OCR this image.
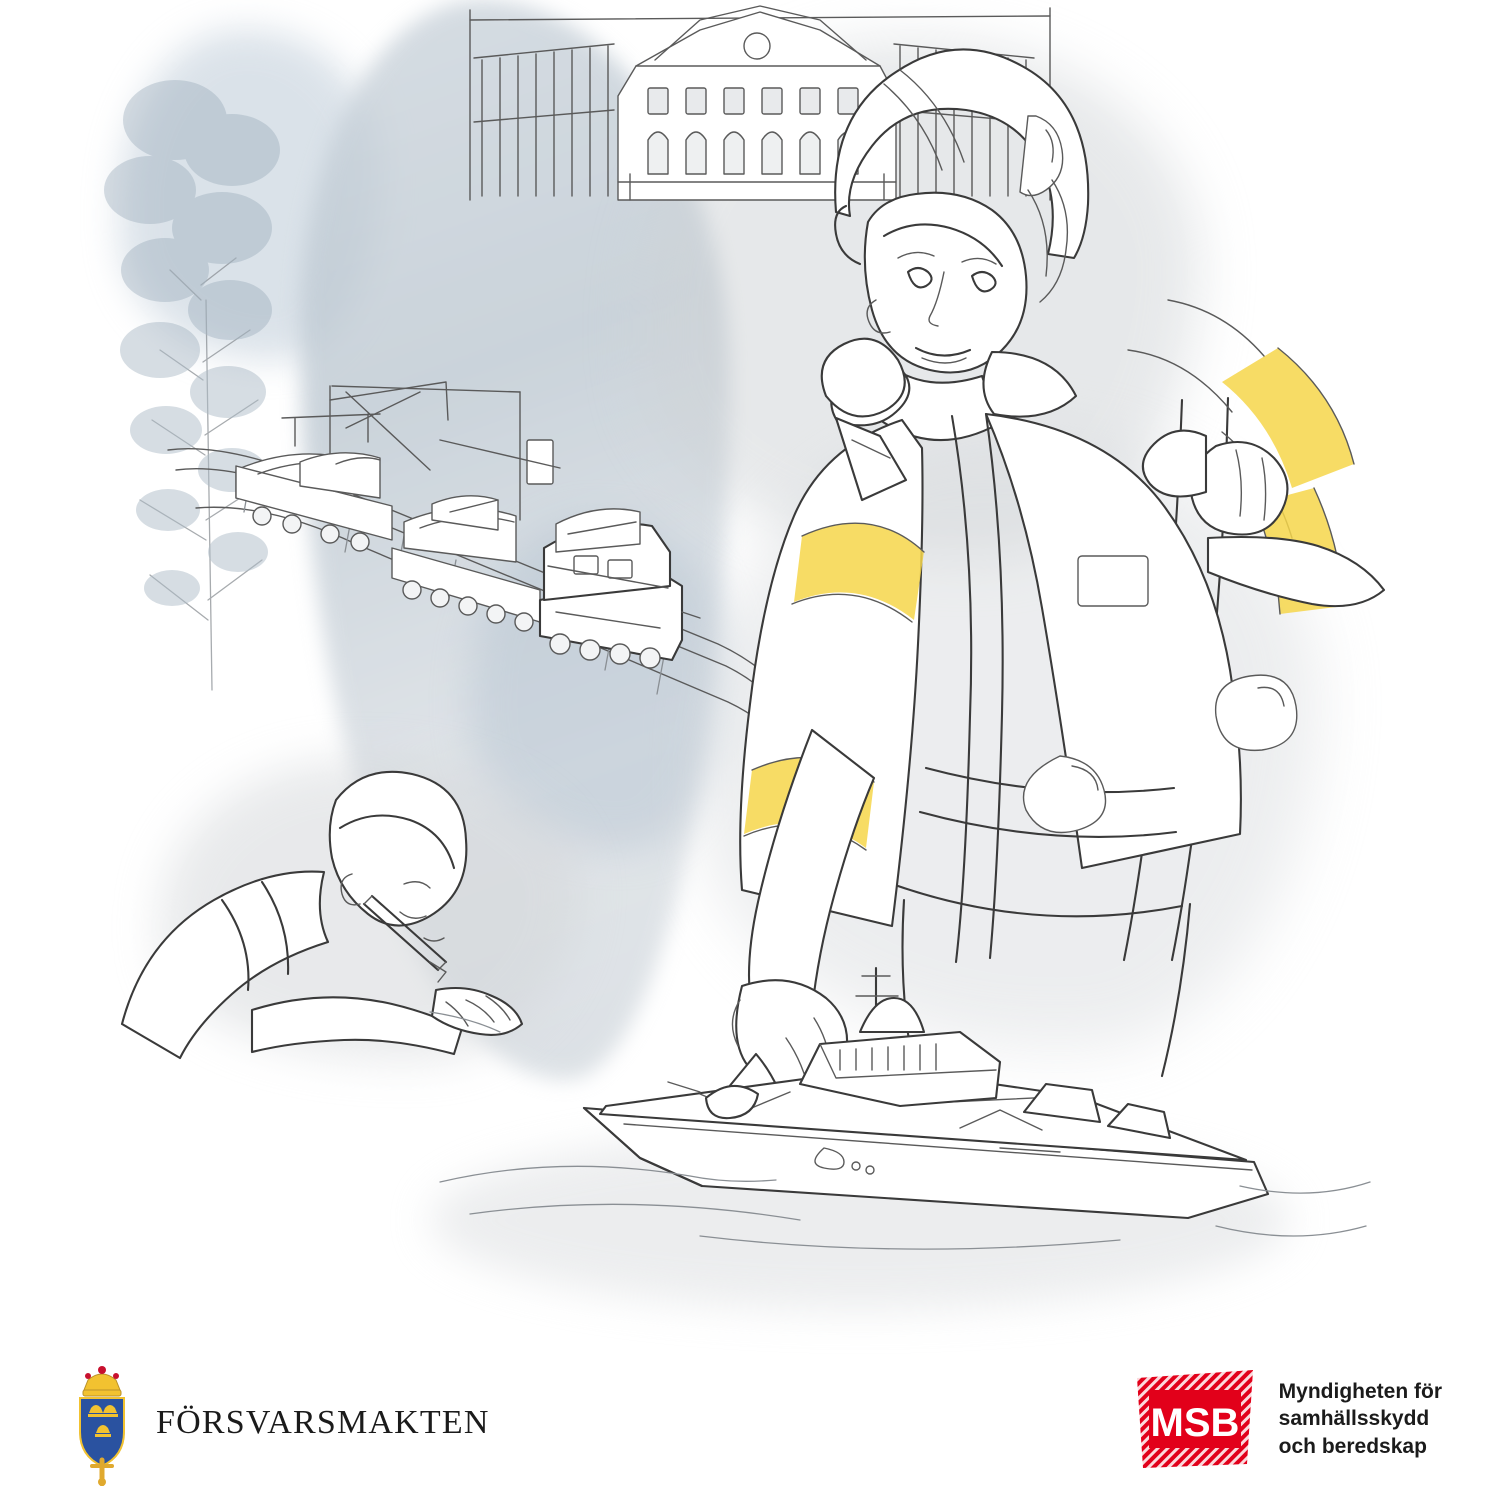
FÖRSVARSMAKTEN	MSB
Myndigheten för
samhällsskydd
och beredskap
